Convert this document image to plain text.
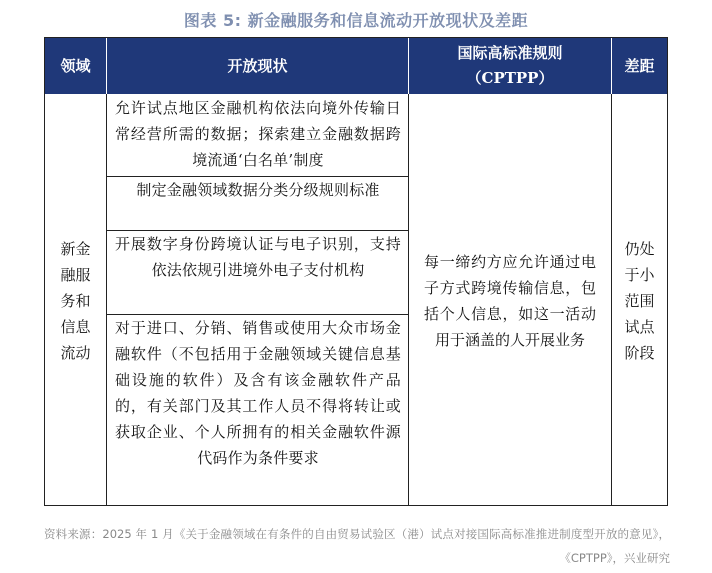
图表 5: 新金融服务和信息流动开放现状及差距
领域	开放现状
国际高标准规则
（CPTPP）
差距
新金融服务和信息流动
允许试点地区金融机构依法向境外传输日常经营所需的数据；探索建立金融数据跨境流通‘白名单’制度
制定金融领域数据分类分级规则标准
开展数字身份跨境认证与电子识别，支持依法依规引进境外电子支付机构
对于进口、分销、销售或使用大众市场金融软件（不包括用于金融领域关键信息基础设施的软件）及含有该金融软件产品的，有关部门及其工作人员不得将转让或获取企业、个人所拥有的相关金融软件源代码作为条件要求
每一缔约方应允许通过电子方式跨境传输信息，包括个人信息，如这一活动用于涵盖的人开展业务
仍处于小范围试点阶段
资料来源：2025 年 1 月《关于金融领域在有条件的自由贸易试验区（港）试点对接国际高标准推进制度型开放的意见》，《CPTPP》，兴业研究
